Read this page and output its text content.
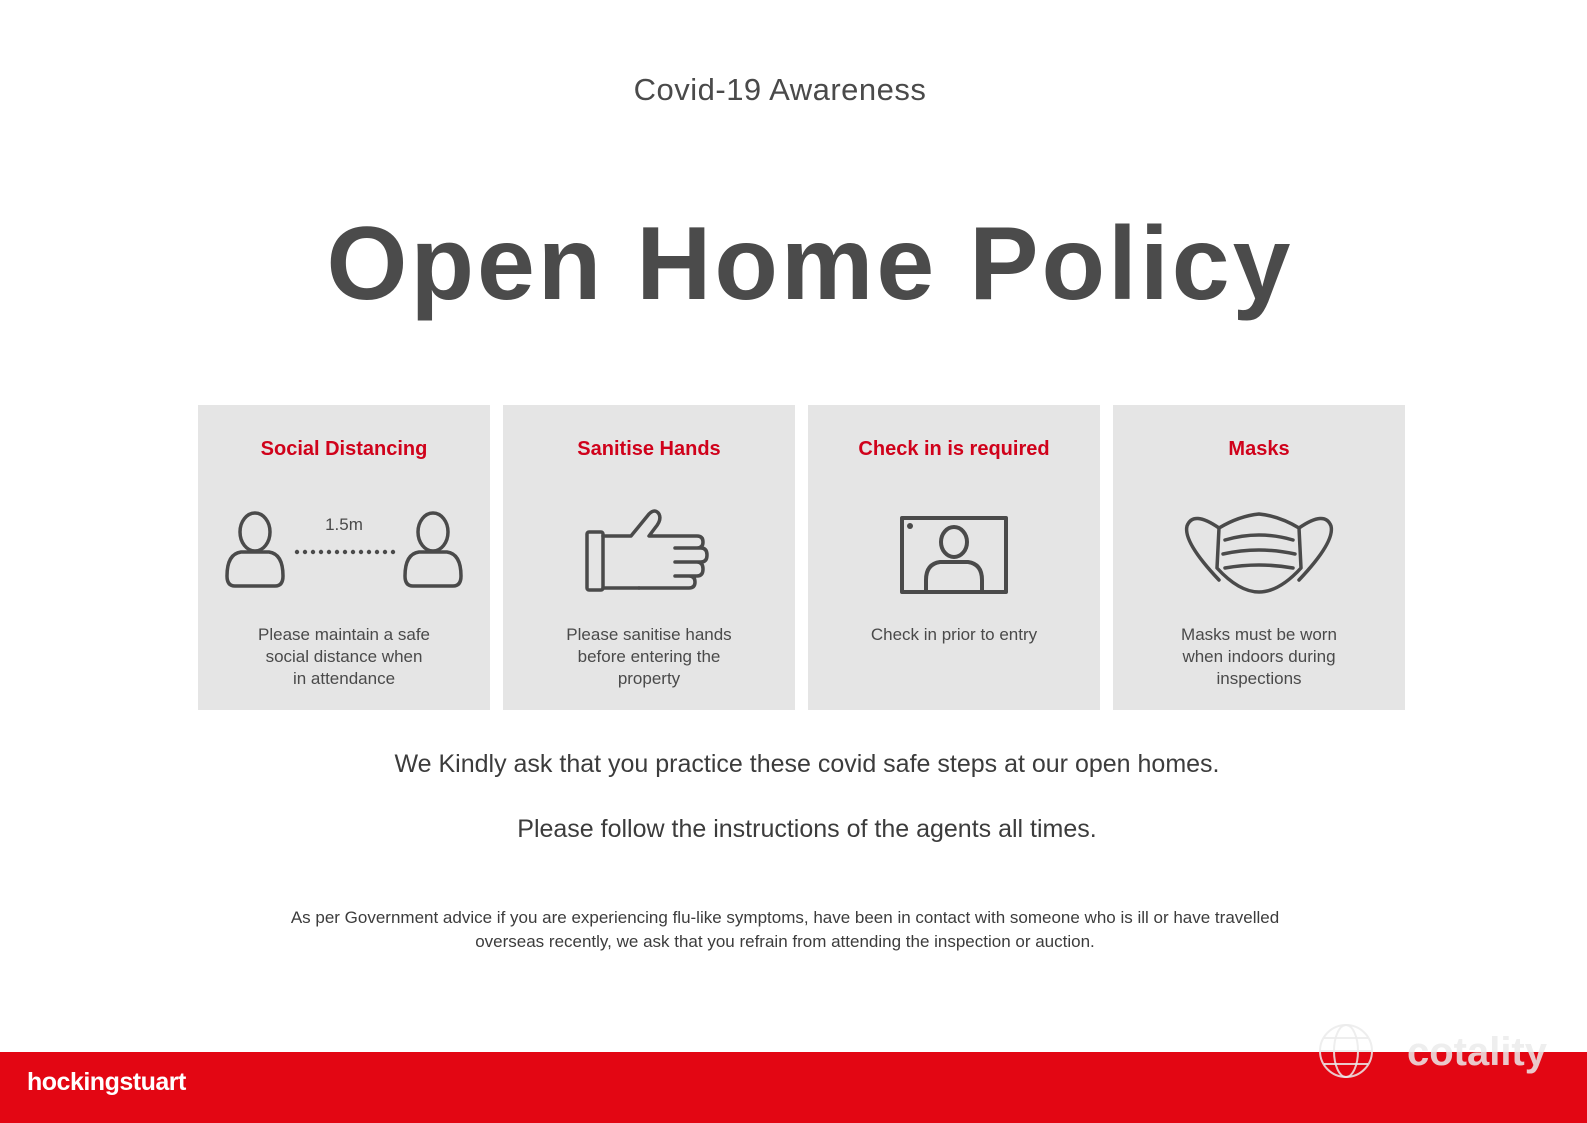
Covid-19 Awareness
Open Home Policy
Social Distancing
1.5m
Please maintain a safe
social distance when
in attendance
Sanitise Hands
Please sanitise hands
before entering the
property
Check in is required
Check in prior to entry
Masks
Masks must be worn
when indoors during
inspections
We Kindly ask that you practice these covid safe steps at our open homes.
Please follow the instructions of the agents all times.
As per Government advice if you are experiencing flu-like symptoms, have been in contact with someone who is ill or have travelled
overseas recently, we ask that you refrain from attending the inspection or auction.
hockingstuart
cotality
